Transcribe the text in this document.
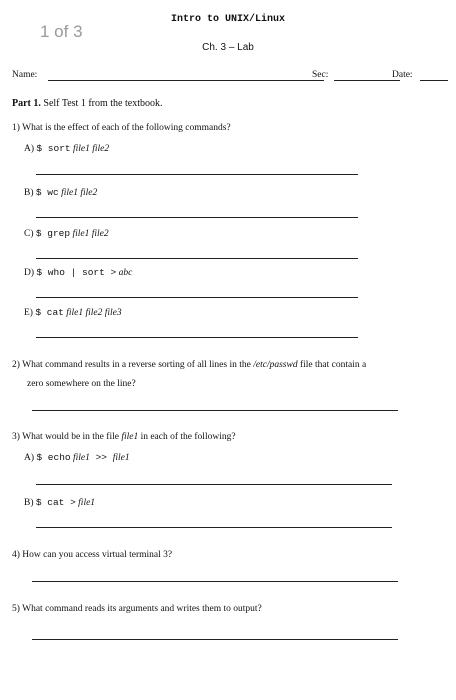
1 of 3
Intro to UNIX/Linux
Ch. 3 – Lab
Name:	Sec:	Date:
Part 1. Self Test 1 from the textbook.
1) What is the effect of each of the following commands?
A) $ sort file1 file2
B) $ wc file1 file2
C) $ grep file1 file2
D) $ who | sort > abc
E) $ cat file1 file2 file3
2) What command results in a reverse sorting of all lines in the /etc/passwd file that contain a
zero somewhere on the line?
3) What would be in the file file1 in each of the following?
A) $ echo file1 >> file1
B) $ cat > file1
4) How can you access virtual terminal 3?
5) What command reads its arguments and writes them to output?
